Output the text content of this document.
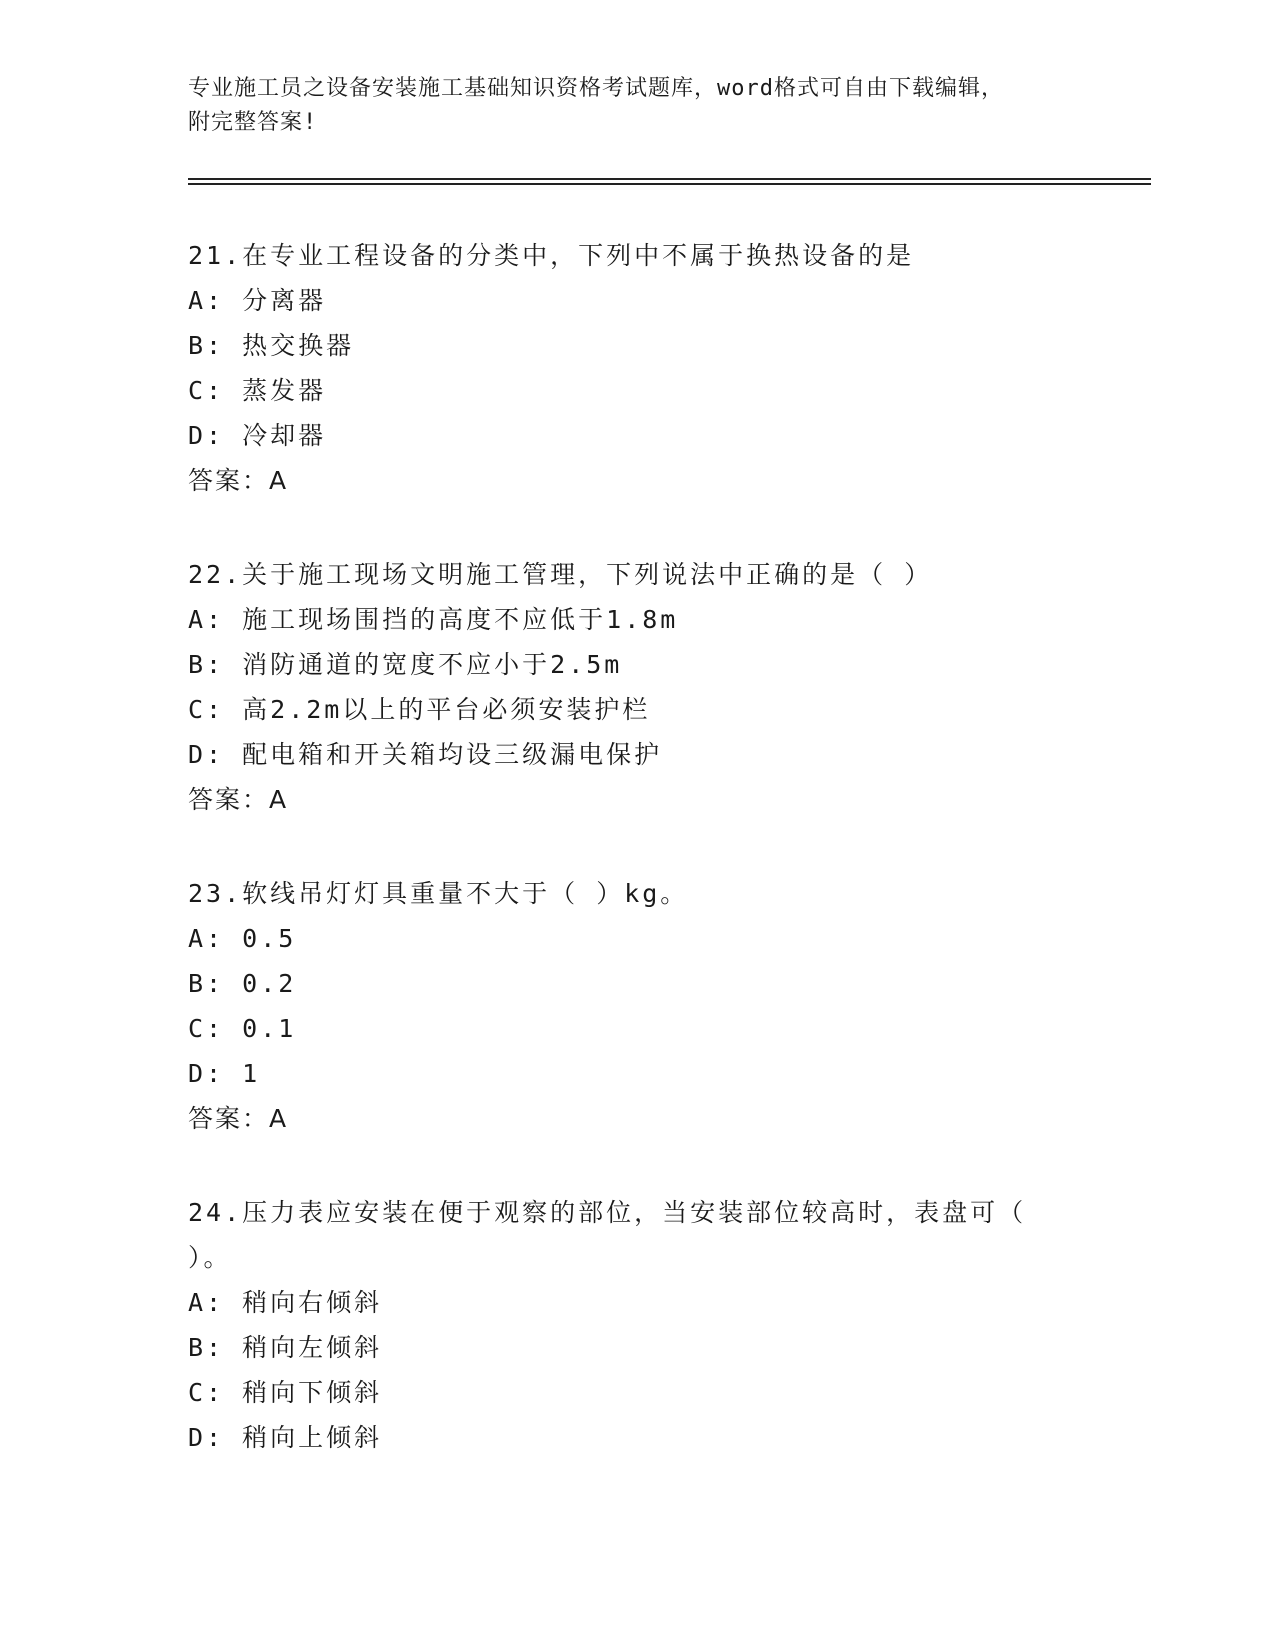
专业施工员之设备安装施工基础知识资格考试题库，word格式可自由下载编辑，
附完整答案!
21.在专业工程设备的分类中，下列中不属于换热设备的是
A: 分离器
B: 热交换器
C: 蒸发器
D: 冷却器
答案：A
22.关于施工现场文明施工管理，下列说法中正确的是（ ）
A: 施工现场围挡的高度不应低于1.8m
B: 消防通道的宽度不应小于2.5m
C: 高2.2m以上的平台必须安装护栏
D: 配电箱和开关箱均设三级漏电保护
答案：A
23.软线吊灯灯具重量不大于（ ）kg。
A: 0.5
B: 0.2
C: 0.1
D: 1
答案：A
24.压力表应安装在便于观察的部位，当安装部位较高时，表盘可（
）。
A: 稍向右倾斜
B: 稍向左倾斜
C: 稍向下倾斜
D: 稍向上倾斜
